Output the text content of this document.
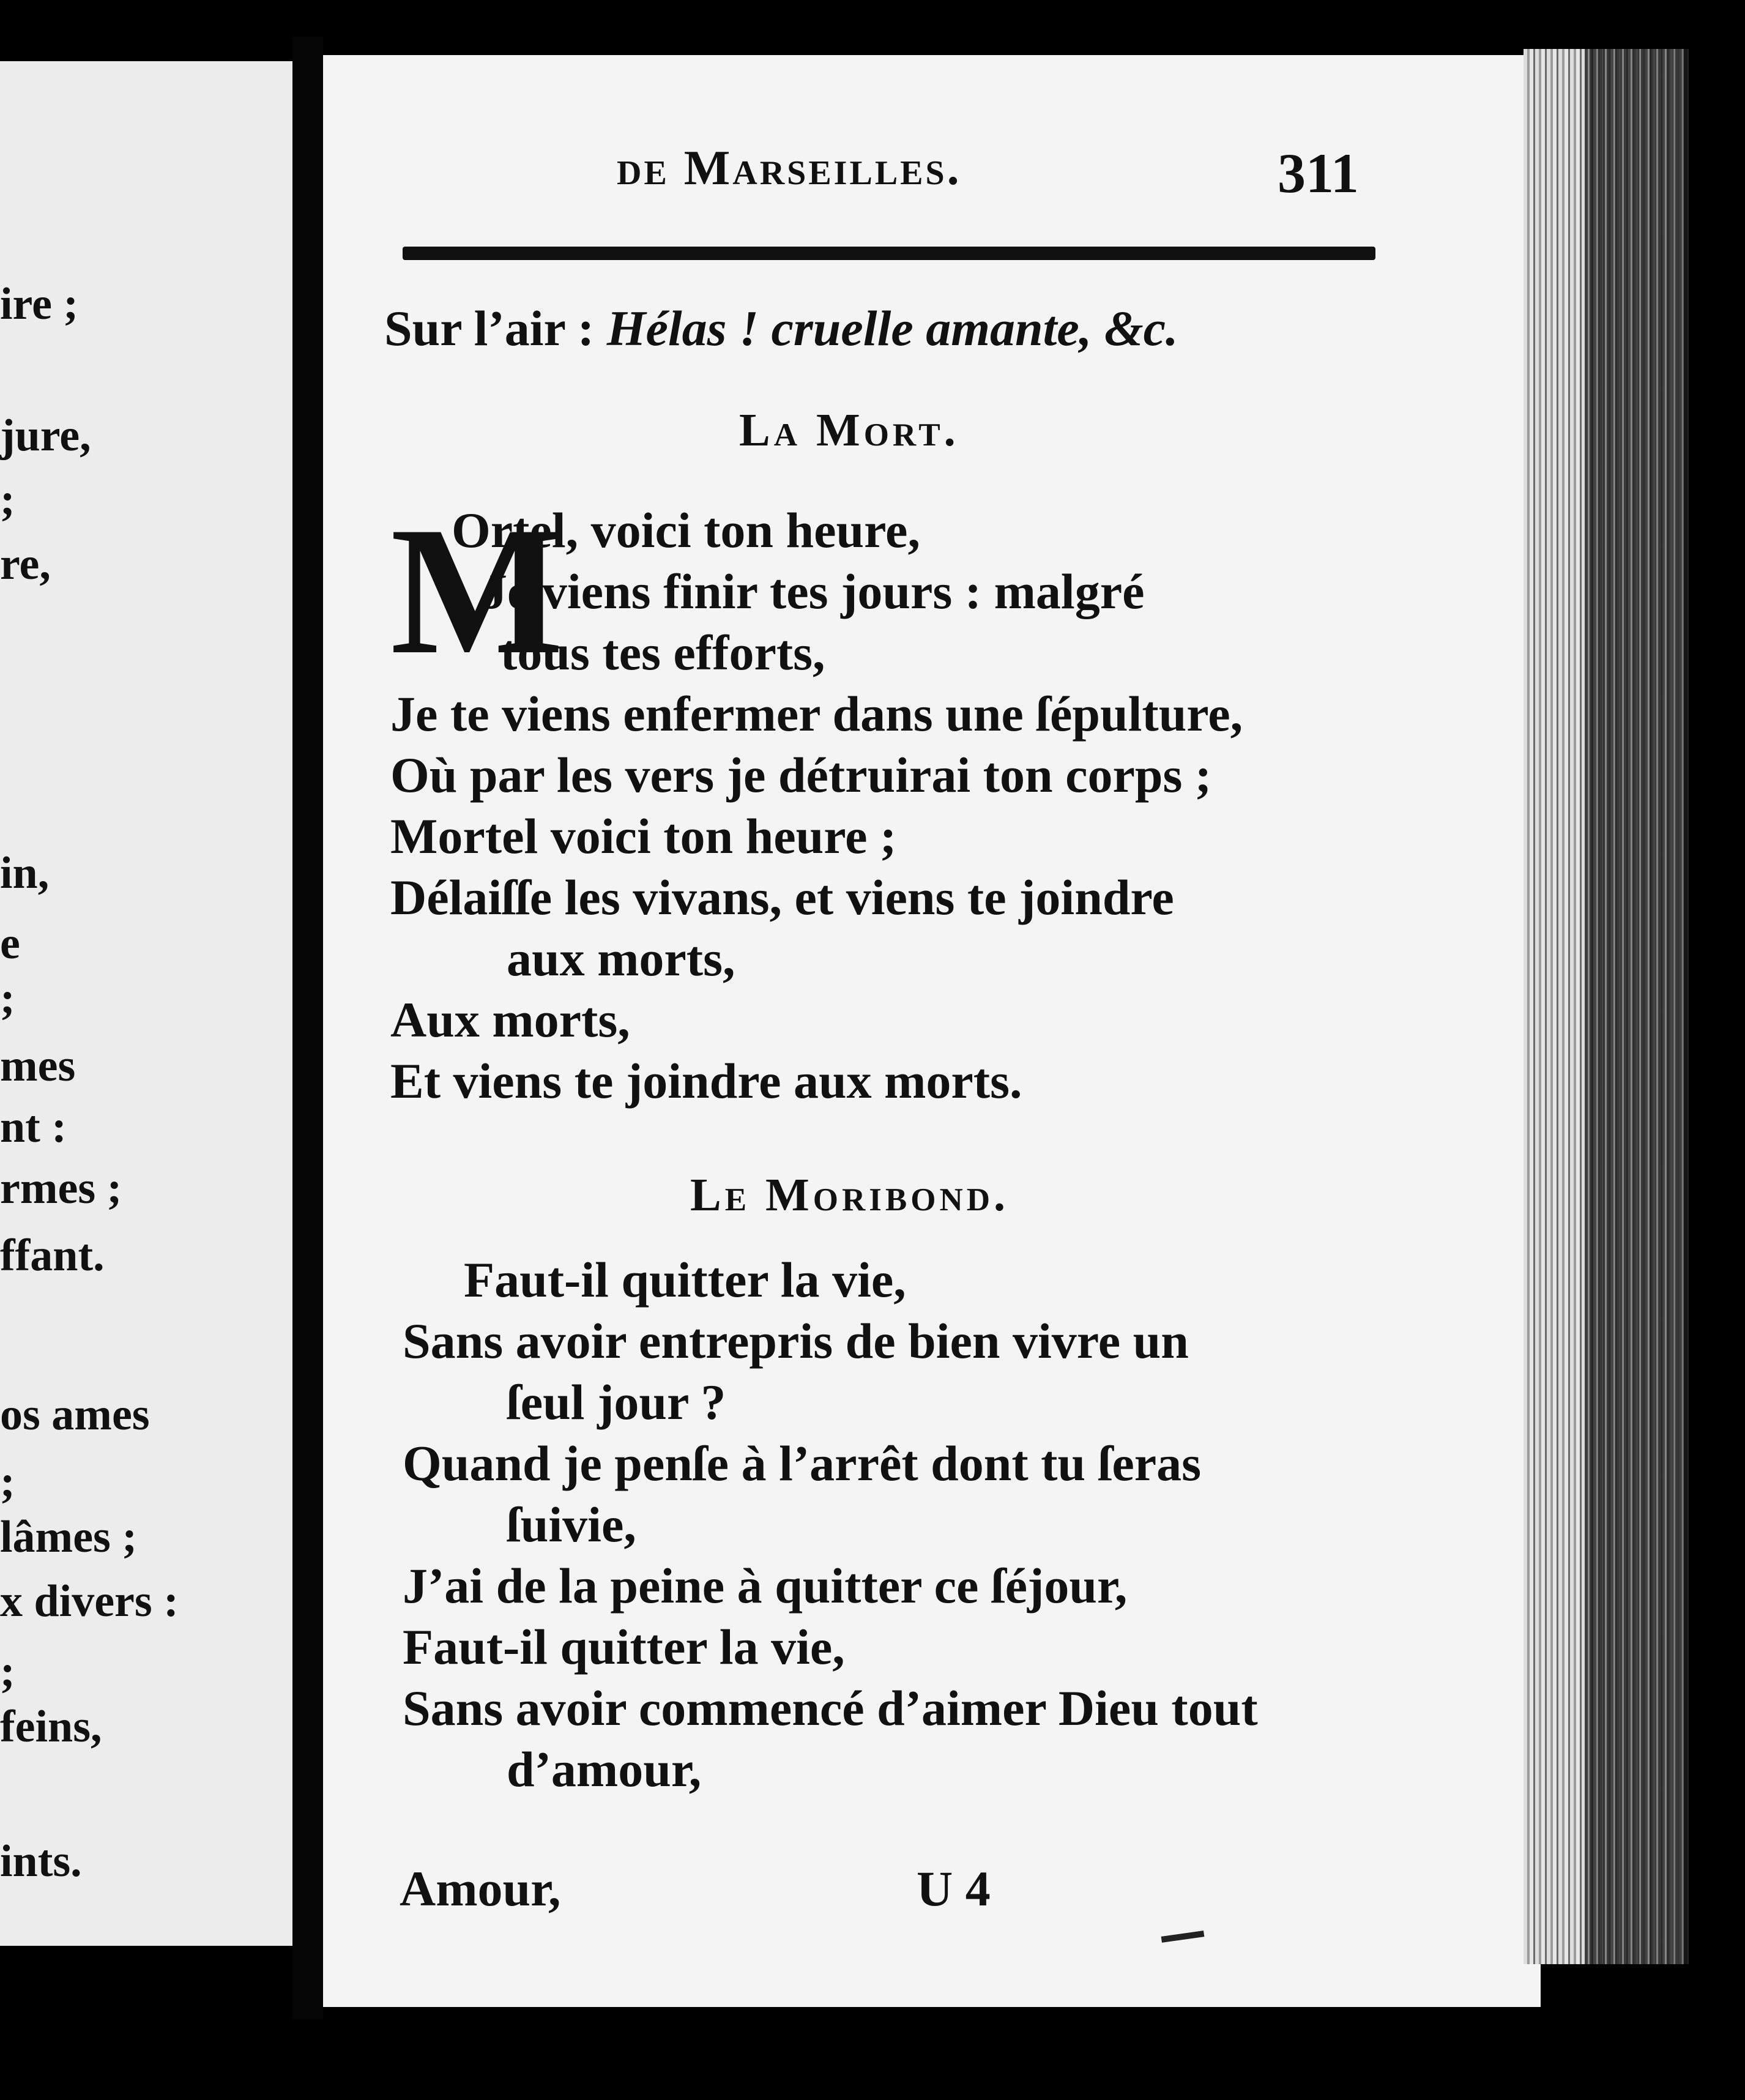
ire ;
jure,
;
re,
in,
e
;
mes
nt :
rmes ;
ffant.
os ames
;
lâmes ;
x divers :
;
feins,
ints.
de Marseilles.	311
Sur l’air : Hélas ! cruelle amante, &c.
La Mort.
M
Ortel, voici ton heure,
Je viens finir tes jours : malgré
tous tes efforts,
Je te viens enfermer dans une ſépulture,
Où par les vers je détruirai ton corps ;
Mortel voici ton heure ;
Délaiſſe les vivans, et viens te joindre
aux morts,
Aux morts,
Et viens te joindre aux morts.
Le Moribond.
Faut-il quitter la vie,
Sans avoir entrepris de bien vivre un
ſeul jour ?
Quand je penſe à l’arrêt dont tu ſeras
ſuivie,
J’ai de la peine à quitter ce ſéjour,
Faut-il quitter la vie,
Sans avoir commencé d’aimer Dieu tout
d’amour,
Amour,	U 4
